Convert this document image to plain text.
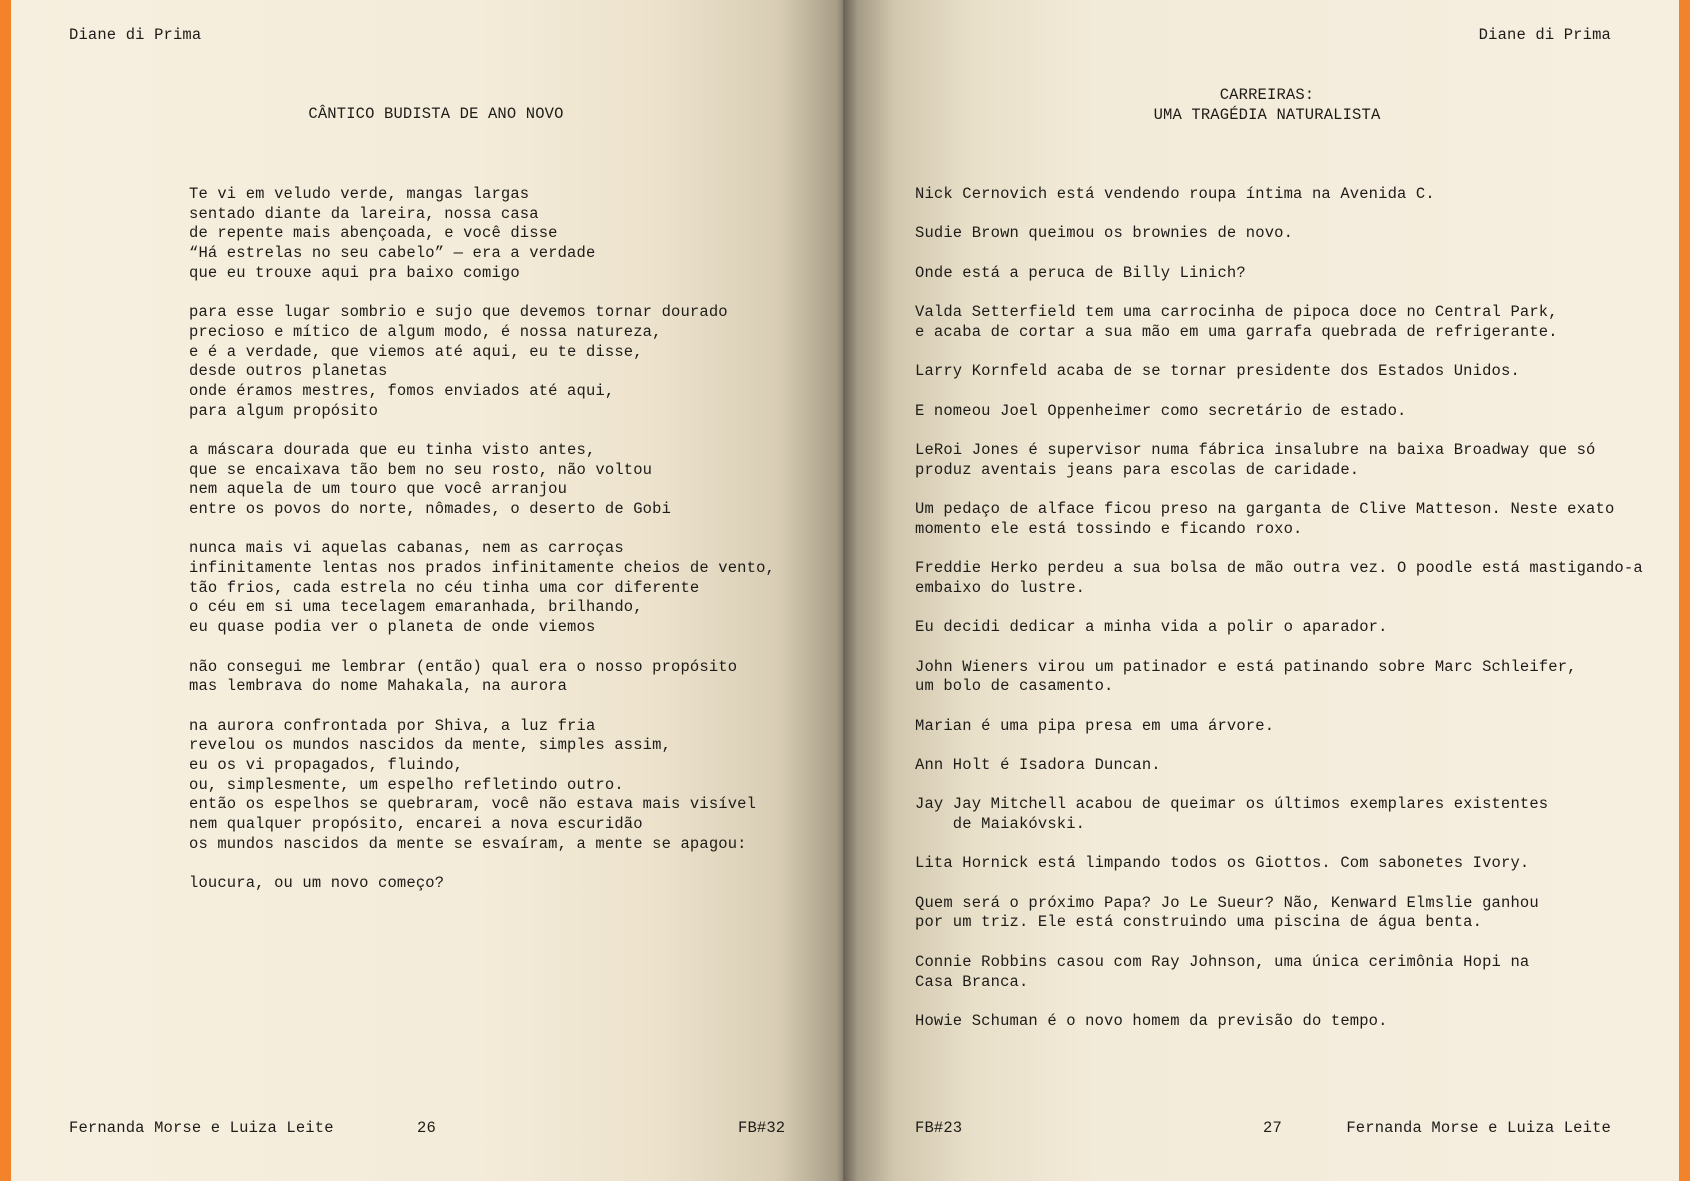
Diane di Prima
CÂNTICO BUDISTA DE ANO NOVO
Te vi em veludo verde, mangas largas
sentado diante da lareira, nossa casa
de repente mais abençoada, e você disse
“Há estrelas no seu cabelo” — era a verdade
que eu trouxe aqui pra baixo comigo
para esse lugar sombrio e sujo que devemos tornar dourado
precioso e mítico de algum modo, é nossa natureza,
e é a verdade, que viemos até aqui, eu te disse,
desde outros planetas
onde éramos mestres, fomos enviados até aqui,
para algum propósito
a máscara dourada que eu tinha visto antes,
que se encaixava tão bem no seu rosto, não voltou
nem aquela de um touro que você arranjou
entre os povos do norte, nômades, o deserto de Gobi
nunca mais vi aquelas cabanas, nem as carroças
infinitamente lentas nos prados infinitamente cheios de vento,
tão frios, cada estrela no céu tinha uma cor diferente
o céu em si uma tecelagem emaranhada, brilhando,
eu quase podia ver o planeta de onde viemos
não consegui me lembrar (então) qual era o nosso propósito
mas lembrava do nome Mahakala, na aurora
na aurora confrontada por Shiva, a luz fria
revelou os mundos nascidos da mente, simples assim,
eu os vi propagados, fluindo,
ou, simplesmente, um espelho refletindo outro.
então os espelhos se quebraram, você não estava mais visível
nem qualquer propósito, encarei a nova escuridão
os mundos nascidos da mente se esvaíram, a mente se apagou:
loucura, ou um novo começo?
Fernanda Morse e Luiza Leite	26	FB#32
Diane di Prima
CARREIRAS:
UMA TRAGÉDIA NATURALISTA
Nick Cernovich está vendendo roupa íntima na Avenida C.
Sudie Brown queimou os brownies de novo.
Onde está a peruca de Billy Linich?
Valda Setterfield tem uma carrocinha de pipoca doce no Central Park,
e acaba de cortar a sua mão em uma garrafa quebrada de refrigerante.
Larry Kornfeld acaba de se tornar presidente dos Estados Unidos.
E nomeou Joel Oppenheimer como secretário de estado.
LeRoi Jones é supervisor numa fábrica insalubre na baixa Broadway que só
produz aventais jeans para escolas de caridade.
Um pedaço de alface ficou preso na garganta de Clive Matteson. Neste exato
momento ele está tossindo e ficando roxo.
Freddie Herko perdeu a sua bolsa de mão outra vez. O poodle está mastigando-a
embaixo do lustre.
Eu decidi dedicar a minha vida a polir o aparador.
John Wieners virou um patinador e está patinando sobre Marc Schleifer,
um bolo de casamento.
Marian é uma pipa presa em uma árvore.
Ann Holt é Isadora Duncan.
Jay Jay Mitchell acabou de queimar os últimos exemplares existentes
de Maiakóvski.
Lita Hornick está limpando todos os Giottos. Com sabonetes Ivory.
Quem será o próximo Papa? Jo Le Sueur? Não, Kenward Elmslie ganhou
por um triz. Ele está construindo uma piscina de água benta.
Connie Robbins casou com Ray Johnson, uma única cerimônia Hopi na
Casa Branca.
Howie Schuman é o novo homem da previsão do tempo.
FB#23	27	Fernanda Morse e Luiza Leite
